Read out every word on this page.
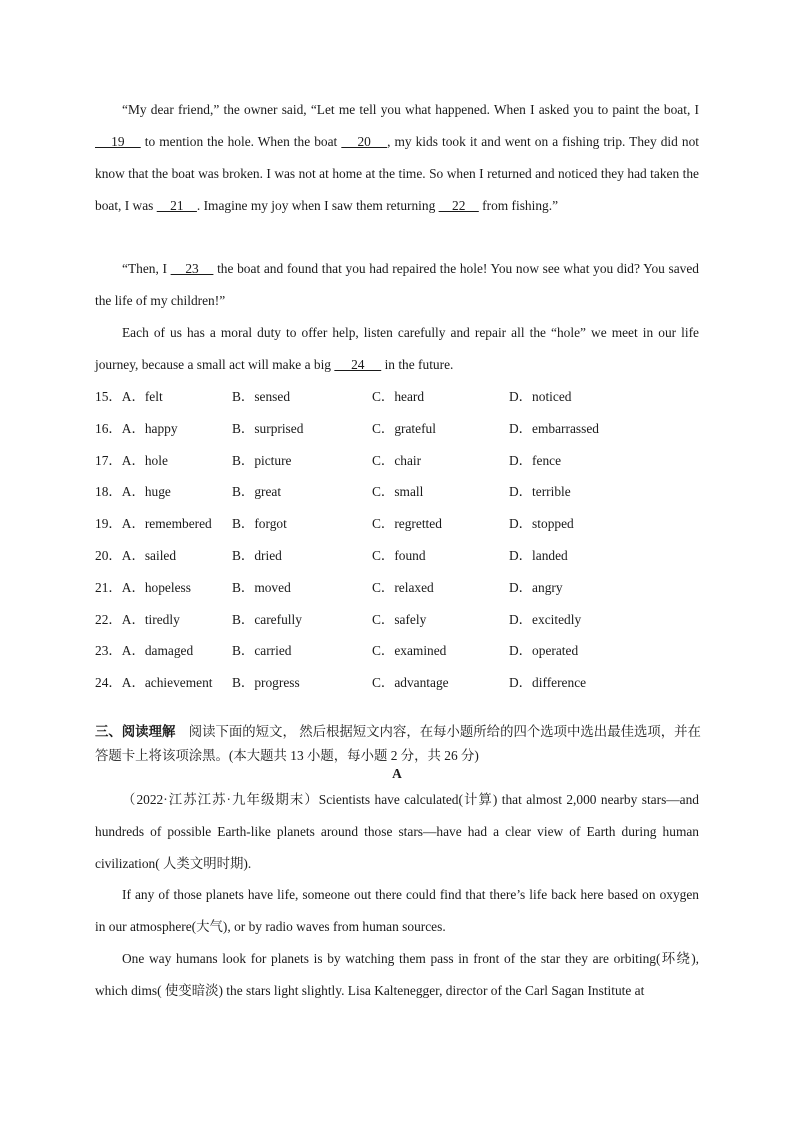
“My dear friend,” the owner said, “Let me tell you what happened. When I asked you to paint the boat, I     19     to mention the hole. When the boat     20    , my kids took it and went on a fishing trip. They did not know that the boat was broken. I was not at home at the time. So when I returned and noticed they had taken the boat, I was     21    . Imagine my joy when I saw them returning     22     from fishing.”

“Then, I     23     the boat and found that you had repaired the hole! You now see what you did? You saved the life of my children!”

Each of us has a moral duty to offer help, listen carefully and repair all the “hole” we meet in our life journey, because a small act will make a big      24      in the future.

15．A．felt	B．sensed	C．heard	D．noticed
16．A．happy	B．surprised	C．grateful	D．embarrassed
17．A．hole	B．picture	C．chair	D．fence
18．A．huge	B．great	C．small	D．terrible
19．A．remembered B．forgot	C．regretted	D．stopped
20．A．sailed	B．dried	C．found	D．landed
21．A．hopeless	B．moved	C．relaxed	D．angry
22．A．tiredly	B．carefully	C．safely	D．excitedly
23．A．damaged	B．carried	C．examined	D．operated
24．A．achievement B．progress	C．advantage	D．difference

三、阅读理解　阅读下面的短文， 然后根据短文内容，在每小题所给的四个选项中选出最佳选项，并在答题卡上将该项涂黑。(本大题共 13 小题，每小题 2 分，共 26 分)

A

（2022·江苏江苏·九年级期末）Scientists have calculated(计算) that almost 2,000 nearby stars—and hundreds of possible Earth-like planets around those stars—have had a clear view of Earth during human civilization( 人类文明时期).

If any of those planets have life, someone out there could find that there’s life back here based on oxygen in our atmosphere(大气), or by radio waves from human sources.

One way humans look for planets is by watching them pass in front of the star they are orbiting(环绕), which dims( 使变暗淡) the stars light slightly. Lisa Kaltenegger, director of the Carl Sagan Institute at
